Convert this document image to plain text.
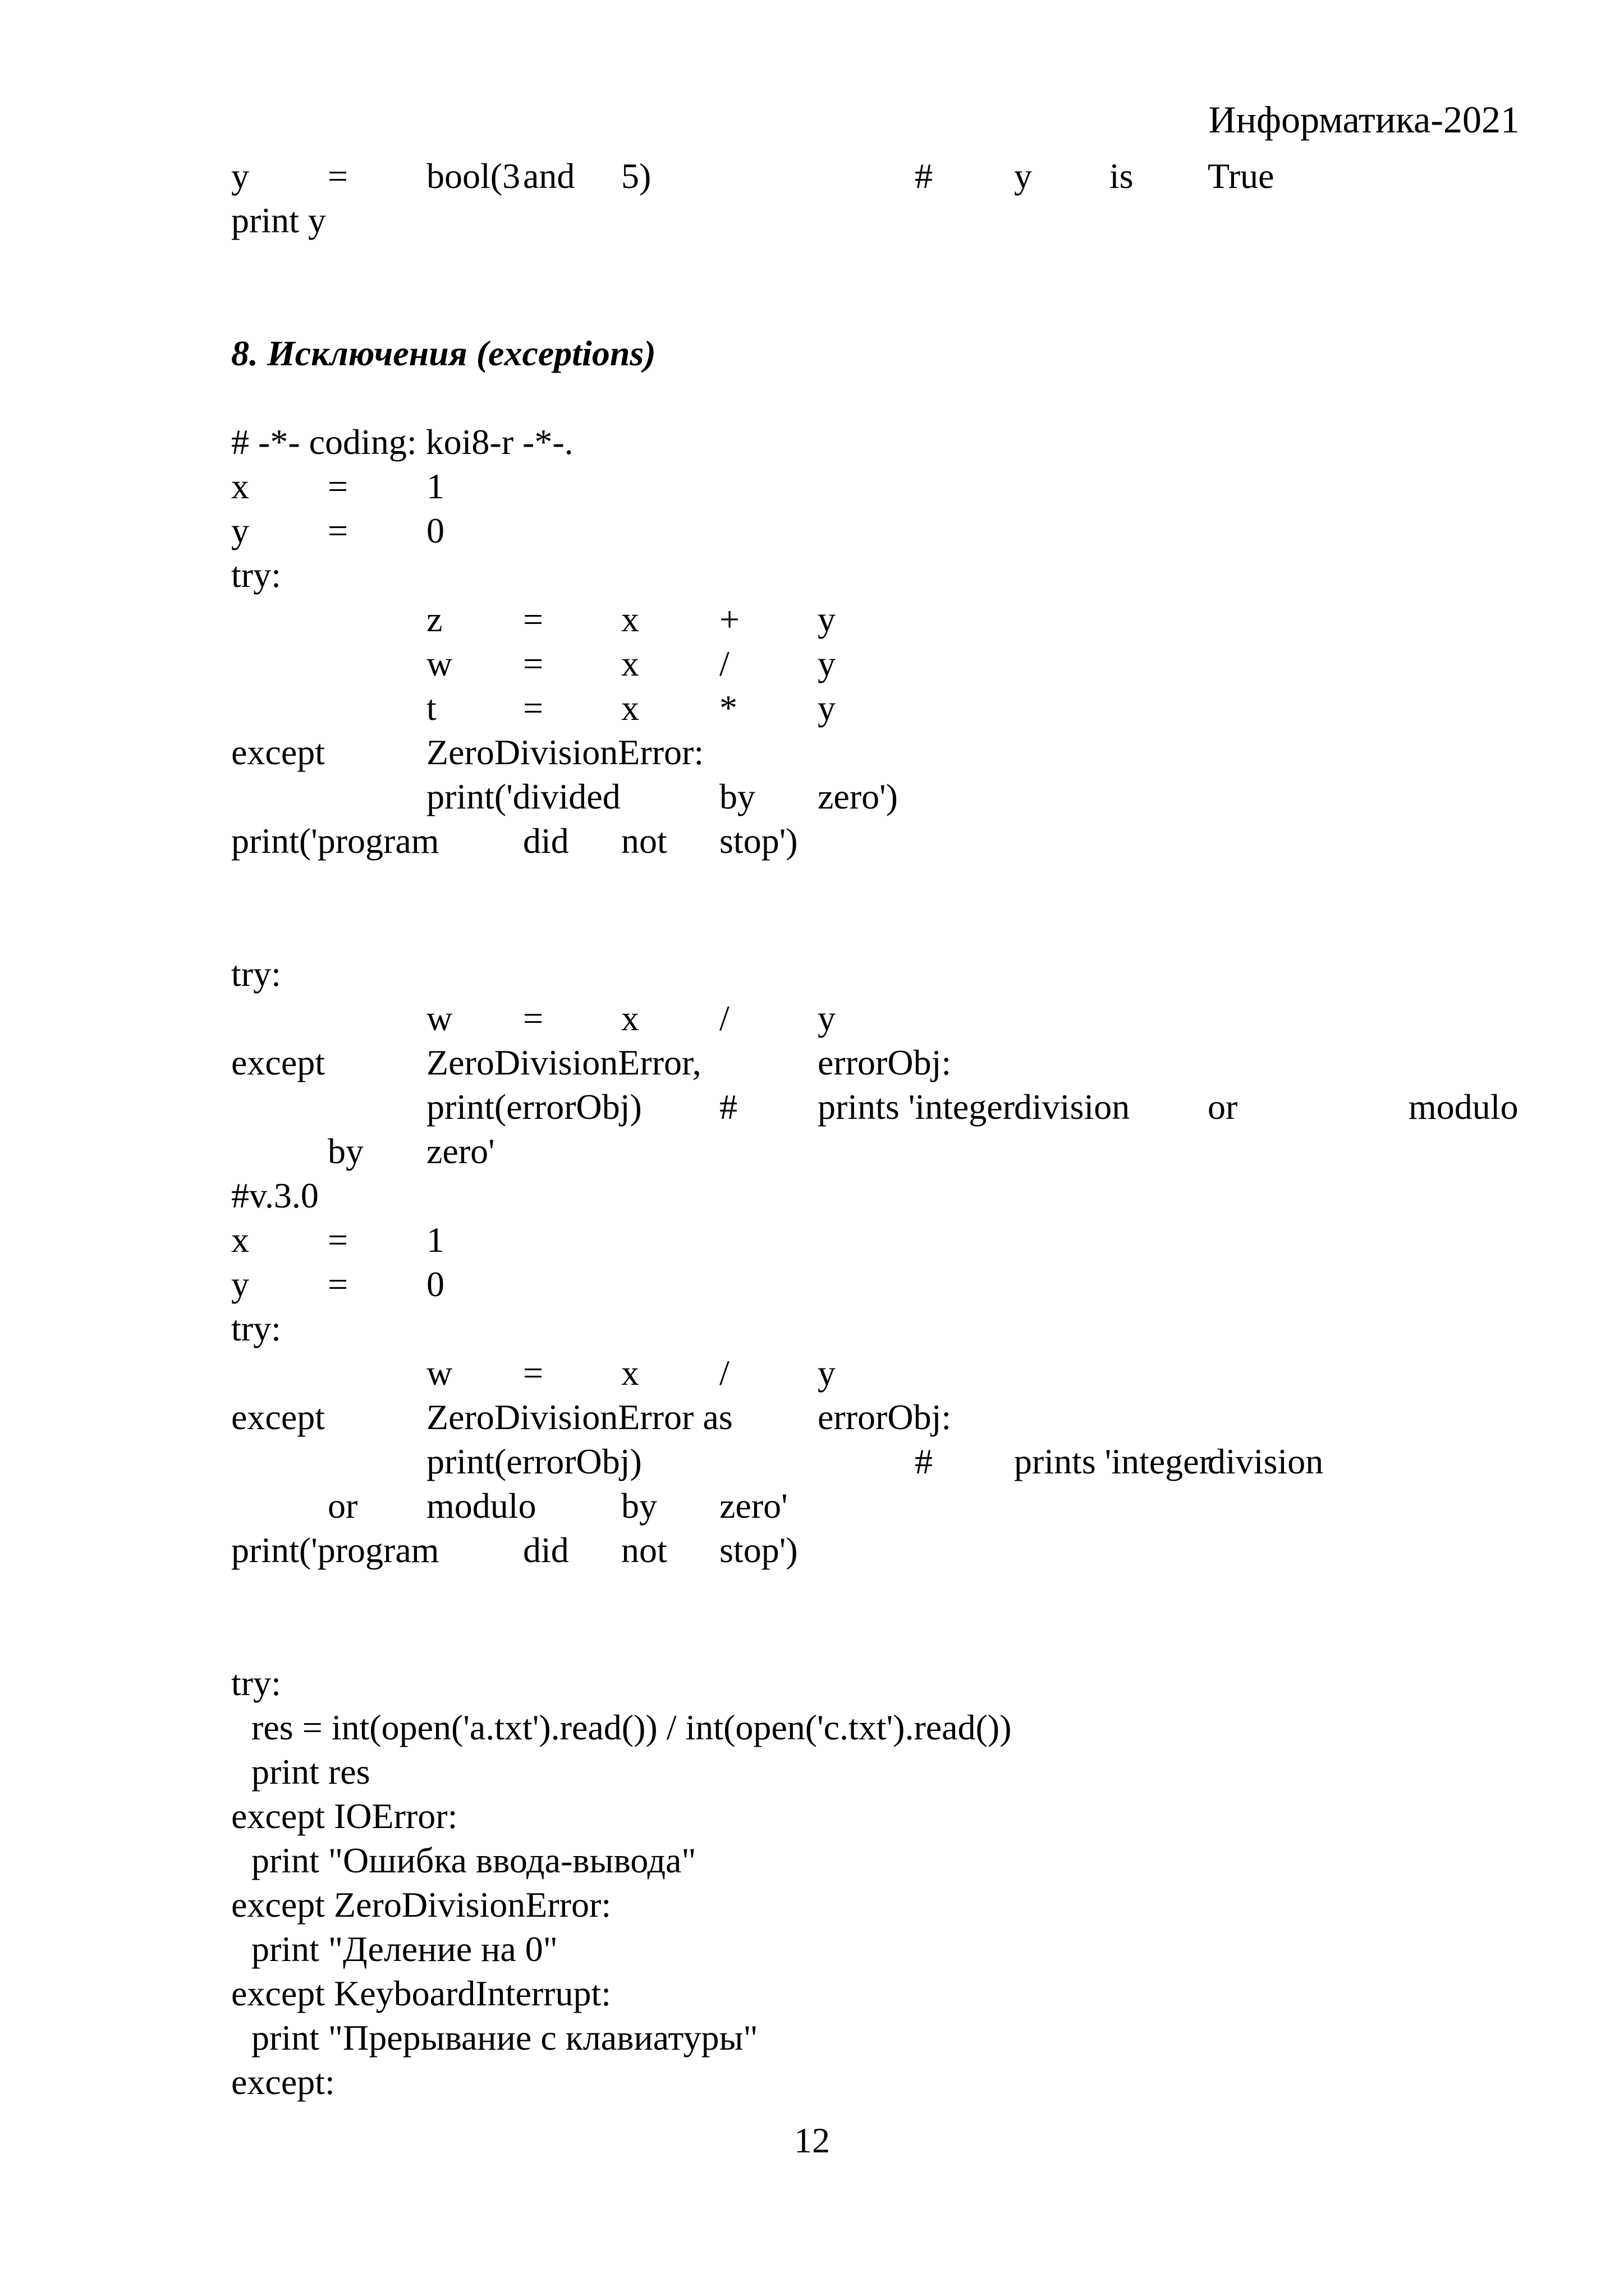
Информатика-2021
y = bool(3 and 5)	# y is True
print y
8. Исключения (exceptions)
# -*- coding: koi8-r -*-.
x = 1
y = 0
try:
z = x + y
w = x / y
t = x * y
except	ZeroDivisionError:
print('divided	by zero')
print('program did not stop')
try:
w = x / y
except	ZeroDivisionError,	errorObj:
print(errorObj) # prints 'integer division or	modulo
by zero'
#v.3.0
x = 1
y = 0
try:
w = x / y
except	ZeroDivisionError as errorObj:
print(errorObj)	# prints 'integer
division
or modulo by zero'
print('program did not stop')
try:
res = int(open('a.txt').read()) / int(open('c.txt').read())
print res
except IOError:
print "Ошибка ввода-вывода"
except ZeroDivisionError:
print "Деление на 0"
except KeyboardInterrupt:
print "Прерывание с клавиатуры"
except:
12
